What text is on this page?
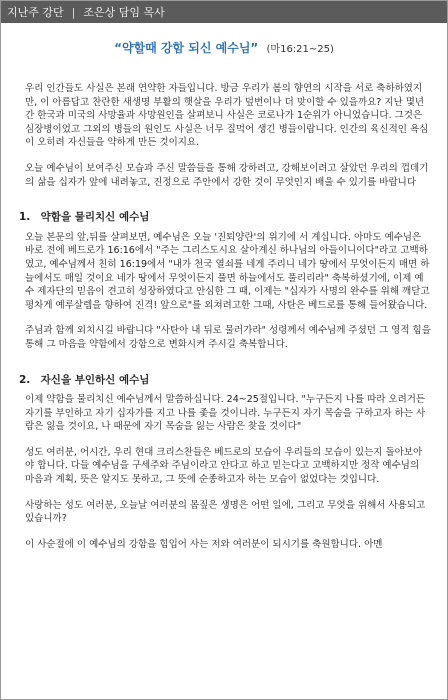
지난주 강단 | 조은상 담임 목사
“약할때 강함 되신 예수님” (마16:21~25)

우리 인간들도 사실은 본래 연약한 자들입니다. 방금 우리가 봄의 향연의 시작을 서로 축하하였지만, 이 아름답고 찬란한 새생명 부활의 햇살을 우리가 덮번이나 더 맞이할 수 있을까요? 지난 몇년간 한국과 미국의 사망율과 사망원인을 살펴보니 사실은 코로나가 1순위가 아니었습니다. 그것은 심장병이었고 그외의 병들의 원인도 사실은 너무 질먹어 생긴 병들이랍니다. 인간의 육신적인 욕심이 오히려 자신들을 약하게 만든 것이지요.

오늘 예수님이 보여주신 모습과 주신 말씀들을 통해 강하려고, 강해보이려고 살았던 우리의 껍데기의 삶을 십자가 앞에 내려놓고, 진정으로 주안에서 강한 것이 무엇인지 배울 수 있기를 바랍니다

1. 약함을 물리치신 예수님

오늘 본문의 앞,뒤를 살펴보면, 예수님은 오늘 '진퇴양란'의 위기에 서 계십니다. 아마도 예수님은 바로 전에 베드로가 16:16에서 "주는 그리스도시요 살아계신 하나님의 아들이니이다"라고 고백하였고, 예수님께서 친히 16:19에서 "내가 천국 열쇠를 네게 주리니 네가 땅에서 무엇이든지 매면 하늘에서도 매일 것이요 네가 땅에서 무엇이든지 풀면 하늘에서도 풀리리라" 축복하셨기에, 이제 예수 제자단의 믿음이 견고히 성장하였다고 안심한 그 때, 이제는 "십자가 사명의 완수를 위해 깨닫고 평차게 예루살렘을 향하여 진격! 앞으로"를 외쳐려고한 그때, 사탄은 베드로를 통해 들어왔습니다.

주님과 함께 외치시길 바랍니다 "사탄아 내 뒤로 물러가라" 성령께서 예수님께 주셨던 그 영적 힘을 통해 그 마음을 약함에서 강함으로 변화시켜 주시길 축복합니다.

2. 자신을 부인하신 예수님

이제 약함을 물리치신 예수님께서 말씀하십니다. 24~25절입니다. "누구든지 나를 따라 오려거든 자기를 부인하고 자기 십자가를 지고 나를 좇을 것이니라. 누구든지 자기 목숨을 구하고자 하는 사람은 잃을 것이요, 나 때문에 자기 목숨을 잃는 사람은 찾을 것이다"

성도 여러분, 어시간, 우리 현대 크리스찬들은 베드로의 모습이 우리들의 모습이 있는지 돌아보아야 합니다. 다들 예수님을 구세주와 주님이라고 안다고 하고 믿는다고 고백하지만 정작 예수님의 마음과 계획, 뜻은 알지도 못하고, 그 뜻에 순종하고자 하는 모습이 없었다는 것입니다.

사랑하는 성도 여러분, 오늘날 여러분의 몸짚은 생명은 어떤 일에, 그리고 무엇을 위해서 사용되고 있습니까?

이 사순절에 이 예수님의 강함을 힘입어 사는 저와 여러분이 되시기를 축원합니다. 아멘
